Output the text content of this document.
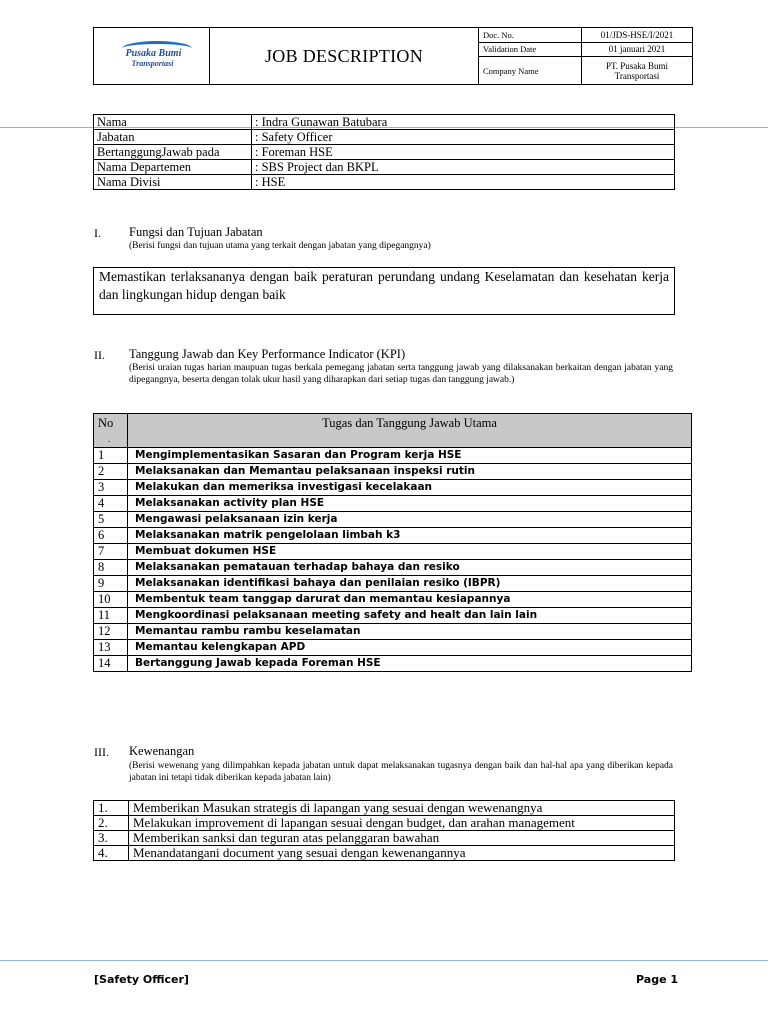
Pusaka Bumi
Transportasi	JOB DESCRIPTION	Doc. No.	01/JDS-HSE/I/2021
		Validation Date	01 januari 2021
		Company Name	PT. Pusaka Bumi
Transportasi
Nama	: Indra Gunawan Batubara
Jabatan	: Safety Officer
BertanggungJawab pada	: Foreman HSE
Nama Departemen	: SBS Project dan BKPL
Nama Divisi	: HSE
I. Fungsi dan Tujuan Jabatan
(Berisi fungsi dan tujuan utama yang terkait dengan jabatan yang dipegangnya)
Memastikan terlaksananya dengan baik peraturan perundang undang Keselamatan dan kesehatan kerja dan lingkungan hidup dengan baik
II. Tanggung Jawab dan Key Performance Indicator (KPI)
(Berisi uraian tugas harian maupuan tugas berkala pemegang jabatan serta tanggung jawab yang dilaksanakan berkaitan dengan jabatan yang dipegangnya, beserta dengan tolak ukur hasil yang diharapkan dari setiap tugas dan tanggung jawab.)
No
.	Tugas dan Tanggung Jawab Utama
1	Mengimplementasikan Sasaran dan Program kerja HSE
2	Melaksanakan dan Memantau pelaksanaan inspeksi rutin
3	Melakukan dan memeriksa investigasi kecelakaan
4	Melaksanakan activity plan HSE
5	Mengawasi pelaksanaan izin kerja
6	Melaksanakan matrik pengelolaan limbah k3
7	Membuat dokumen HSE
8	Melaksanakan pematauan terhadap bahaya dan resiko
9	Melaksanakan identifikasi bahaya dan penilaian resiko (IBPR)
10	Membentuk team tanggap darurat dan memantau kesiapannya
11	Mengkoordinasi pelaksanaan meeting safety and healt dan lain lain
12	Memantau rambu rambu keselamatan
13	Memantau kelengkapan APD
14	Bertanggung Jawab kepada Foreman HSE
III. Kewenangan
(Berisi wewenang yang dilimpahkan kepada jabatan untuk dapat melaksanakan tugasnya dengan baik dan hal-hal apa yang diberikan kepada jabatan ini tetapi tidak diberikan kepada jabatan lain)
1.	Memberikan Masukan strategis di lapangan yang sesuai dengan wewenangnya
2.	Melakukan improvement di lapangan sesuai dengan budget, dan arahan management
3.	Memberikan sanksi dan teguran atas pelanggaran bawahan
4.	Menandatangani document yang sesuai dengan kewenangannya
[Safety Officer]	Page 1
